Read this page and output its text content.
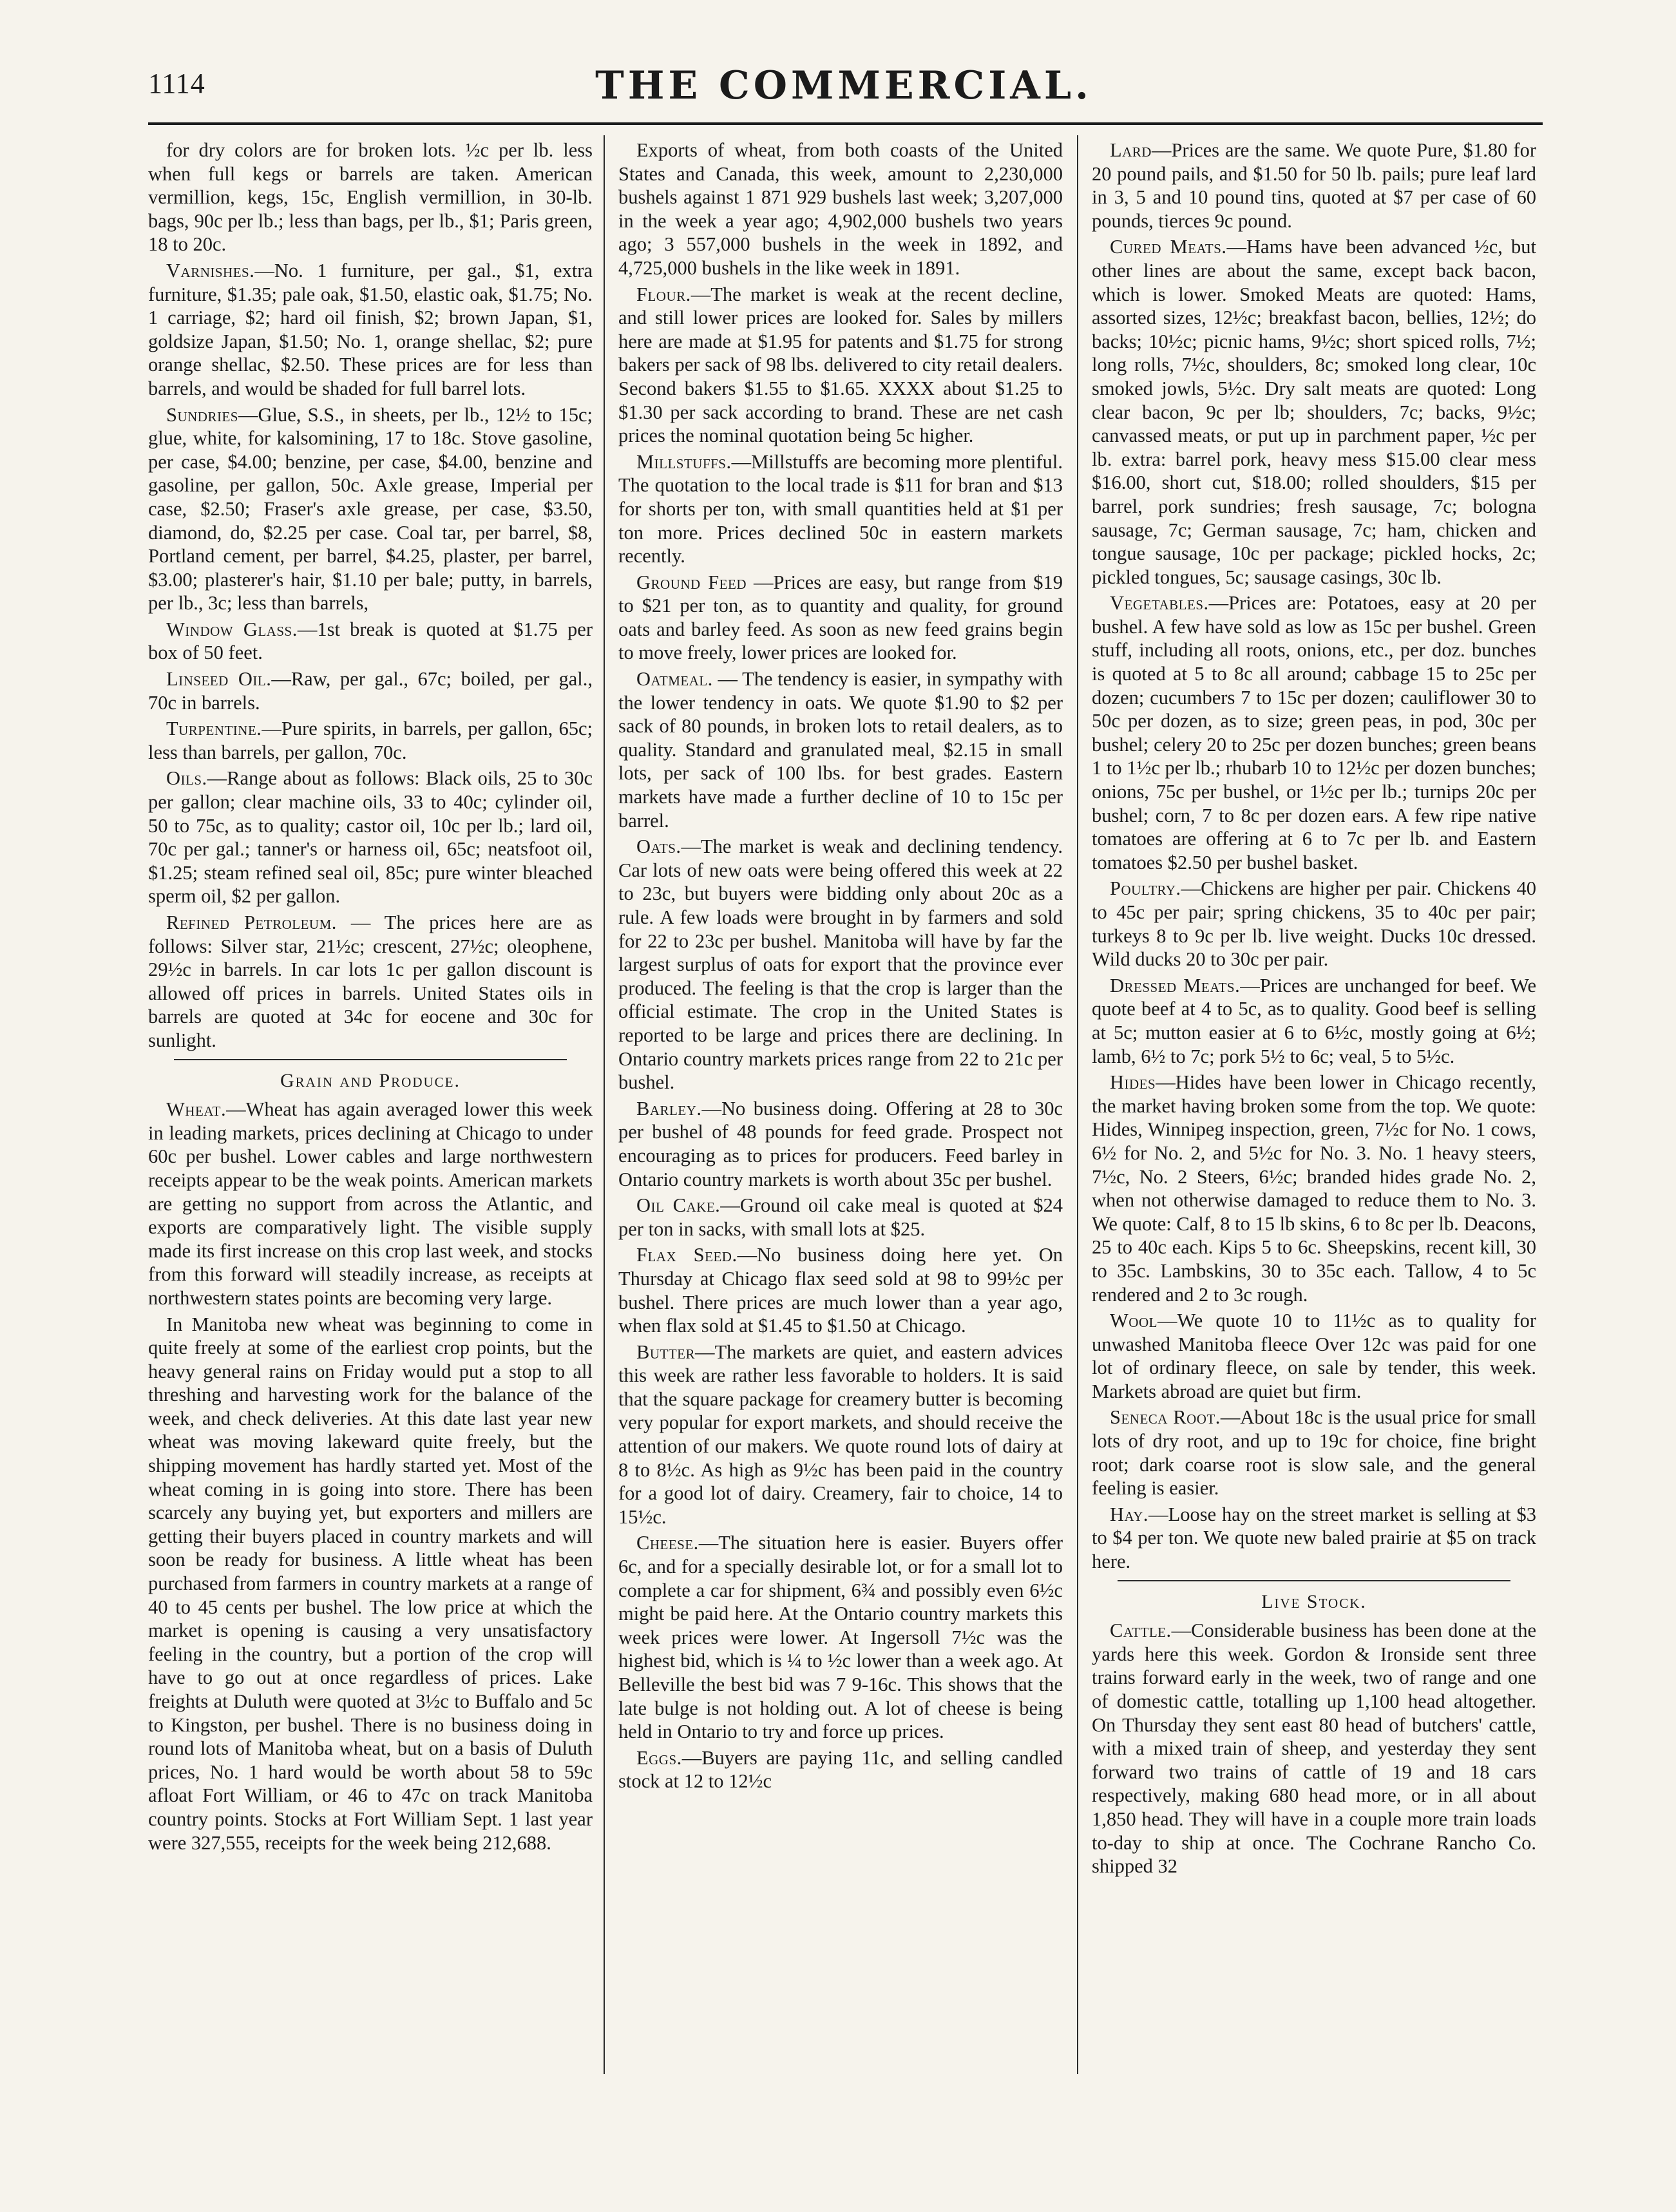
1114	THE COMMERCIAL.

for dry colors are for broken lots. ½c per lb. less when full kegs or barrels are taken. American vermillion, kegs, 15c, English vermillion, in 30-lb. bags, 90c per lb.; less than bags, per lb., $1; Paris green, 18 to 20c.

Varnishes.—No. 1 furniture, per gal., $1, extra furniture, $1.35; pale oak, $1.50, elastic oak, $1.75; No. 1 carriage, $2; hard oil finish, $2; brown Japan, $1, goldsize Japan, $1.50; No. 1, orange shellac, $2; pure orange shellac, $2.50. These prices are for less than barrels, and would be shaded for full barrel lots.

Sundries—Glue, S.S., in sheets, per lb., 12½ to 15c; glue, white, for kalsomining, 17 to 18c. Stove gasoline, per case, $4.00; benzine, per case, $4.00, benzine and gasoline, per gallon, 50c. Axle grease, Imperial per case, $2.50; Fraser's axle grease, per case, $3.50, diamond, do, $2.25 per case. Coal tar, per barrel, $8, Portland cement, per barrel, $4.25, plaster, per barrel, $3.00; plasterer's hair, $1.10 per bale; putty, in barrels, per lb., 3c; less than barrels,

Window Glass.—1st break is quoted at $1.75 per box of 50 feet.

Linseed Oil.—Raw, per gal., 67c; boiled, per gal., 70c in barrels.

Turpentine.—Pure spirits, in barrels, per gallon, 65c; less than barrels, per gallon, 70c.

Oils.—Range about as follows: Black oils, 25 to 30c per gallon; clear machine oils, 33 to 40c; cylinder oil, 50 to 75c, as to quality; castor oil, 10c per lb.; lard oil, 70c per gal.; tanner's or harness oil, 65c; neatsfoot oil, $1.25; steam refined seal oil, 85c; pure winter bleached sperm oil, $2 per gallon.

Refined Petroleum. — The prices here are as follows: Silver star, 21½c; crescent, 27½c; oleophene, 29½c in barrels. In car lots 1c per gallon discount is allowed off prices in barrels. United States oils in barrels are quoted at 34c for eocene and 30c for sunlight.

Grain and Produce.

Wheat.—Wheat has again averaged lower this week in leading markets, prices declining at Chicago to under 60c per bushel. Lower cables and large northwestern receipts appear to be the weak points. American markets are getting no support from across the Atlantic, and exports are comparatively light. The visible supply made its first increase on this crop last week, and stocks from this forward will steadily increase, as receipts at northwestern states points are becoming very large.

In Manitoba new wheat was beginning to come in quite freely at some of the earliest crop points, but the heavy general rains on Friday would put a stop to all threshing and harvesting work for the balance of the week, and check deliveries. At this date last year new wheat was moving lakeward quite freely, but the shipping movement has hardly started yet. Most of the wheat coming in is going into store. There has been scarcely any buying yet, but exporters and millers are getting their buyers placed in country markets and will soon be ready for business. A little wheat has been purchased from farmers in country markets at a range of 40 to 45 cents per bushel. The low price at which the market is opening is causing a very unsatisfactory feeling in the country, but a portion of the crop will have to go out at once regardless of prices. Lake freights at Duluth were quoted at 3½c to Buffalo and 5c to Kingston, per bushel. There is no business doing in round lots of Manitoba wheat, but on a basis of Duluth prices, No. 1 hard would be worth about 58 to 59c afloat Fort William, or 46 to 47c on track Manitoba country points. Stocks at Fort William Sept. 1 last year were 327,555, receipts for the week being 212,688.

Exports of wheat, from both coasts of the United States and Canada, this week, amount to 2,230,000 bushels against 1 871 929 bushels last week; 3,207,000 in the week a year ago; 4,902,000 bushels two years ago; 3 557,000 bushels in the week in 1892, and 4,725,000 bushels in the like week in 1891.

Flour.—The market is weak at the recent decline, and still lower prices are looked for. Sales by millers here are made at $1.95 for patents and $1.75 for strong bakers per sack of 98 lbs. delivered to city retail dealers. Second bakers $1.55 to $1.65. XXXX about $1.25 to $1.30 per sack according to brand. These are net cash prices the nominal quotation being 5c higher.

Millstuffs.—Millstuffs are becoming more plentiful. The quotation to the local trade is $11 for bran and $13 for shorts per ton, with small quantities held at $1 per ton more. Prices declined 50c in eastern markets recently.

Ground Feed —Prices are easy, but range from $19 to $21 per ton, as to quantity and quality, for ground oats and barley feed. As soon as new feed grains begin to move freely, lower prices are looked for.

Oatmeal. — The tendency is easier, in sympathy with the lower tendency in oats. We quote $1.90 to $2 per sack of 80 pounds, in broken lots to retail dealers, as to quality. Standard and granulated meal, $2.15 in small lots, per sack of 100 lbs. for best grades. Eastern markets have made a further decline of 10 to 15c per barrel.

Oats.—The market is weak and declining tendency. Car lots of new oats were being offered this week at 22 to 23c, but buyers were bidding only about 20c as a rule. A few loads were brought in by farmers and sold for 22 to 23c per bushel. Manitoba will have by far the largest surplus of oats for export that the province ever produced. The feeling is that the crop is larger than the official estimate. The crop in the United States is reported to be large and prices there are declining. In Ontario country markets prices range from 22 to 21c per bushel.

Barley.—No business doing. Offering at 28 to 30c per bushel of 48 pounds for feed grade. Prospect not encouraging as to prices for producers. Feed barley in Ontario country markets is worth about 35c per bushel.

Oil Cake.—Ground oil cake meal is quoted at $24 per ton in sacks, with small lots at $25.

Flax Seed.—No business doing here yet. On Thursday at Chicago flax seed sold at 98 to 99½c per bushel. There prices are much lower than a year ago, when flax sold at $1.45 to $1.50 at Chicago.

Butter—The markets are quiet, and eastern advices this week are rather less favorable to holders. It is said that the square package for creamery butter is becoming very popular for export markets, and should receive the attention of our makers. We quote round lots of dairy at 8 to 8½c. As high as 9½c has been paid in the country for a good lot of dairy. Creamery, fair to choice, 14 to 15½c.

Cheese.—The situation here is easier. Buyers offer 6c, and for a specially desirable lot, or for a small lot to complete a car for shipment, 6¾ and possibly even 6½c might be paid here. At the Ontario country markets this week prices were lower. At Ingersoll 7½c was the highest bid, which is ¼ to ½c lower than a week ago. At Belleville the best bid was 7 9-16c. This shows that the late bulge is not holding out. A lot of cheese is being held in Ontario to try and force up prices.

Eggs.—Buyers are paying 11c, and selling candled stock at 12 to 12½c

Lard—Prices are the same. We quote Pure, $1.80 for 20 pound pails, and $1.50 for 50 lb. pails; pure leaf lard in 3, 5 and 10 pound tins, quoted at $7 per case of 60 pounds, tierces 9c pound.

Cured Meats.—Hams have been advanced ½c, but other lines are about the same, except back bacon, which is lower. Smoked Meats are quoted: Hams, assorted sizes, 12½c; breakfast bacon, bellies, 12½; do backs; 10½c; picnic hams, 9½c; short spiced rolls, 7½; long rolls, 7½c, shoulders, 8c; smoked long clear, 10c smoked jowls, 5½c. Dry salt meats are quoted: Long clear bacon, 9c per lb; shoulders, 7c; backs, 9½c; canvassed meats, or put up in parchment paper, ½c per lb. extra: barrel pork, heavy mess $15.00 clear mess $16.00, short cut, $18.00; rolled shoulders, $15 per barrel, pork sundries; fresh sausage, 7c; bologna sausage, 7c; German sausage, 7c; ham, chicken and tongue sausage, 10c per package; pickled hocks, 2c; pickled tongues, 5c; sausage casings, 30c lb.

Vegetables.—Prices are: Potatoes, easy at 20 per bushel. A few have sold as low as 15c per bushel. Green stuff, including all roots, onions, etc., per doz. bunches is quoted at 5 to 8c all around; cabbage 15 to 25c per dozen; cucumbers 7 to 15c per dozen; cauliflower 30 to 50c per dozen, as to size; green peas, in pod, 30c per bushel; celery 20 to 25c per dozen bunches; green beans 1 to 1½c per lb.; rhubarb 10 to 12½c per dozen bunches; onions, 75c per bushel, or 1½c per lb.; turnips 20c per bushel; corn, 7 to 8c per dozen ears. A few ripe native tomatoes are offering at 6 to 7c per lb. and Eastern tomatoes $2.50 per bushel basket.

Poultry.—Chickens are higher per pair. Chickens 40 to 45c per pair; spring chickens, 35 to 40c per pair; turkeys 8 to 9c per lb. live weight. Ducks 10c dressed. Wild ducks 20 to 30c per pair.

Dressed Meats.—Prices are unchanged for beef. We quote beef at 4 to 5c, as to quality. Good beef is selling at 5c; mutton easier at 6 to 6½c, mostly going at 6½; lamb, 6½ to 7c; pork 5½ to 6c; veal, 5 to 5½c.

Hides—Hides have been lower in Chicago recently, the market having broken some from the top. We quote: Hides, Winnipeg inspection, green, 7½c for No. 1 cows, 6½ for No. 2, and 5½c for No. 3. No. 1 heavy steers, 7½c, No. 2 Steers, 6½c; branded hides grade No. 2, when not otherwise damaged to reduce them to No. 3. We quote: Calf, 8 to 15 lb skins, 6 to 8c per lb. Deacons, 25 to 40c each. Kips 5 to 6c. Sheepskins, recent kill, 30 to 35c. Lambskins, 30 to 35c each. Tallow, 4 to 5c rendered and 2 to 3c rough.

Wool—We quote 10 to 11½c as to quality for unwashed Manitoba fleece Over 12c was paid for one lot of ordinary fleece, on sale by tender, this week. Markets abroad are quiet but firm.

Seneca Root.—About 18c is the usual price for small lots of dry root, and up to 19c for choice, fine bright root; dark coarse root is slow sale, and the general feeling is easier.

Hay.—Loose hay on the street market is selling at $3 to $4 per ton. We quote new baled prairie at $5 on track here.

Live Stock.

Cattle.—Considerable business has been done at the yards here this week. Gordon & Ironside sent three trains forward early in the week, two of range and one of domestic cattle, totalling up 1,100 head altogether. On Thursday they sent east 80 head of butchers' cattle, with a mixed train of sheep, and yesterday they sent forward two trains of cattle of 19 and 18 cars respectively, making 680 head more, or in all about 1,850 head. They will have in a couple more train loads to-day to ship at once. The Cochrane Rancho Co. shipped 32
